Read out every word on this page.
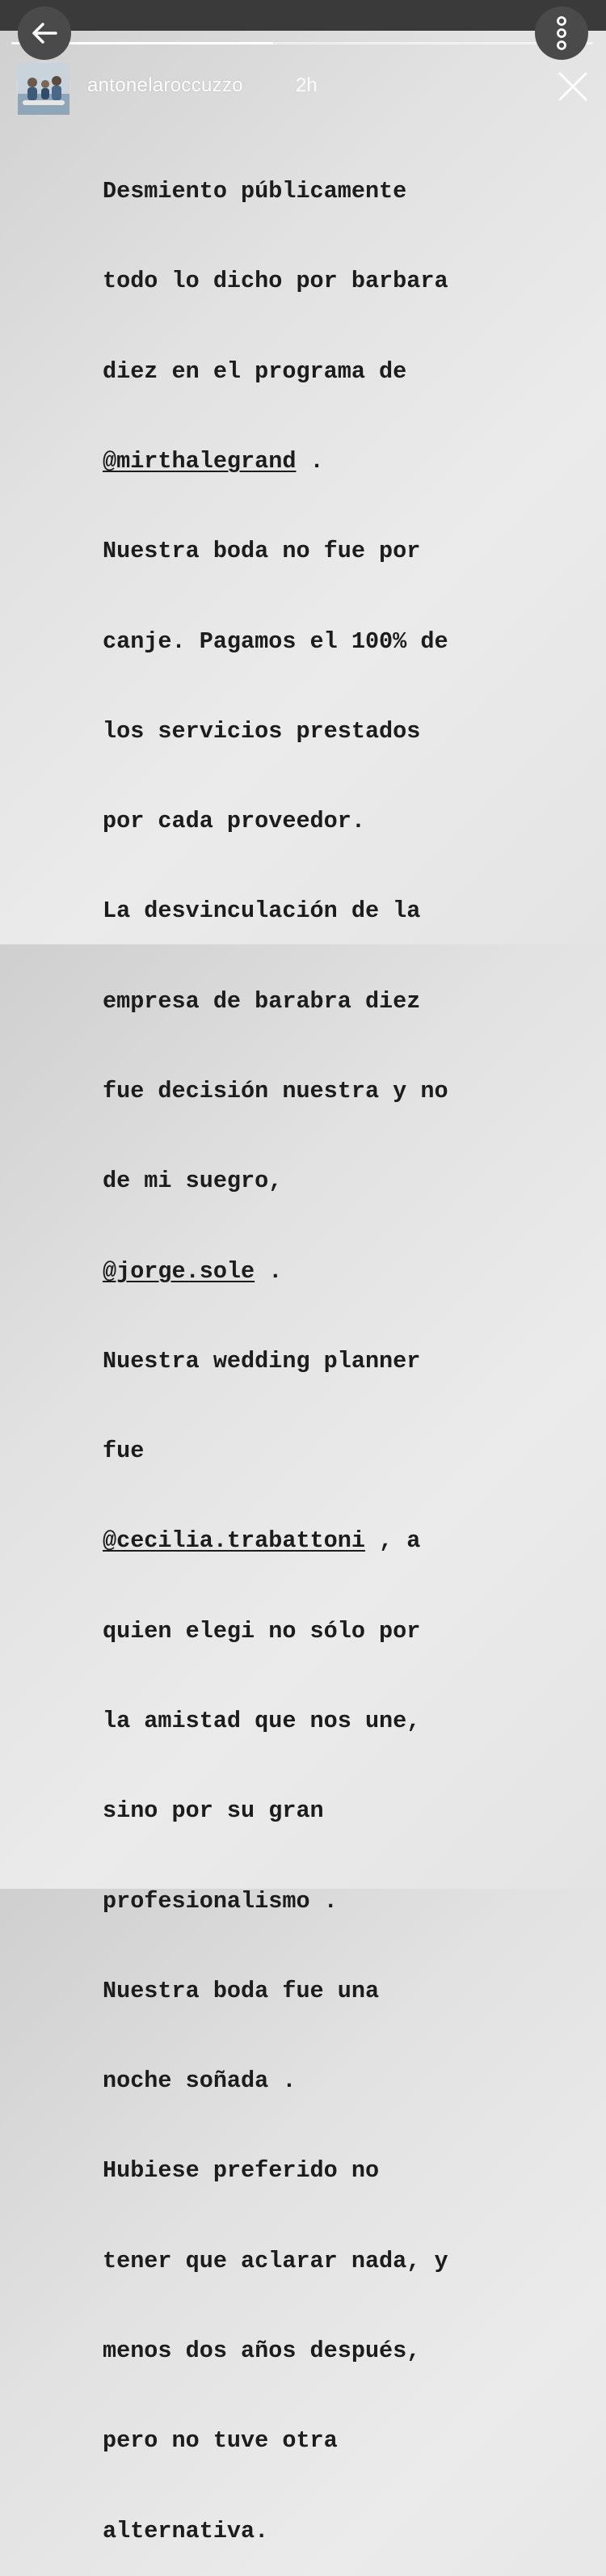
antonelaroccuzzo	2h

Desmiento públicamente

todo lo dicho por barbara

diez en el programa de

@mirthalegrand .

Nuestra boda no fue por

canje. Pagamos el 100% de

los servicios prestados

por cada proveedor.

La desvinculación de la

empresa de barabra diez

fue decisión nuestra y no

de mi suegro,

@jorge.sole .

Nuestra wedding planner

fue

@cecilia.trabattoni , a

quien elegi no sólo por

la amistad que nos une,

sino por su gran

profesionalismo .

Nuestra boda fue una

noche soñada .

Hubiese preferido no

tener que aclarar nada, y

menos dos años después,

pero no tuve otra

alternativa.
